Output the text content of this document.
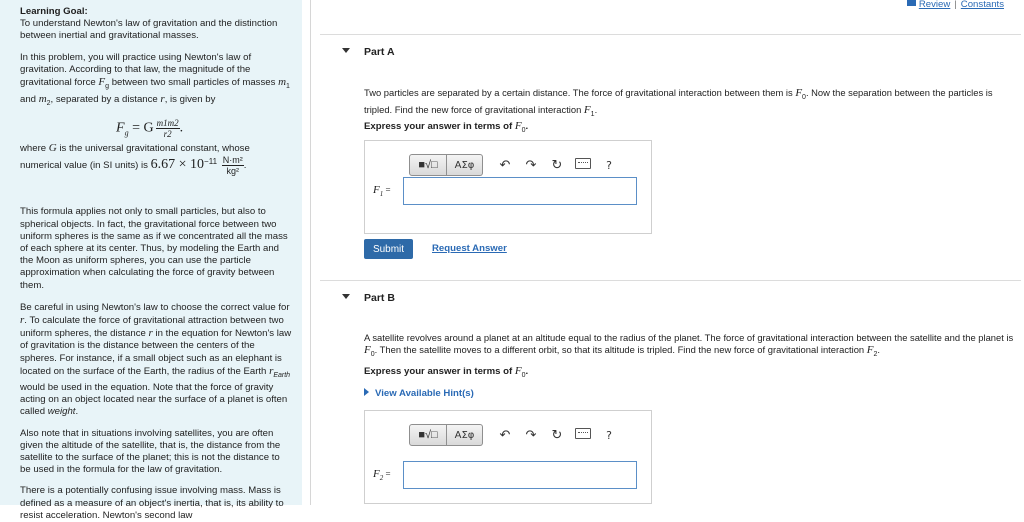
Learning Goal:
To understand Newton's law of gravitation and the distinction between inertial and gravitational masses.

In this problem, you will practice using Newton's law of gravitation. According to that law, the magnitude of the gravitational force $F_g$ between two small particles of masses $m_1$ and $m_2$, separated by a distance r, is given by

$F_g = G \frac{m1m2}{r2}$ .

where G is the universal gravitational constant, whose numerical value (in SI units) is $6.67 \times 10^{-11} \frac{\text{N·m²}}{\text{kg²}}$ .

This formula applies not only to small particles, but also to spherical objects. In fact, the gravitational force between two uniform spheres is the same as if we concentrated all the mass of each sphere at its center. Thus, by modeling the Earth and the Moon as uniform spheres, you can use the particle approximation when calculating the force of gravity between them.

Be careful in using Newton's law to choose the correct value for r. To calculate the force of gravitational attraction between two uniform spheres, the distance r in the equation for Newton's law of gravitation is the distance between the centers of the spheres. For instance, if a small object such as an elephant is located on the surface of the Earth, the radius of the Earth $r_{Earth}$ would be used in the equation. Note that the force of gravity acting on an object located near the surface of a planet is often called weight.

Also note that in situations involving satellites, you are often given the altitude of the satellite, that is, the distance from the satellite to the surface of the planet; this is not the distance to be used in the formula for the law of gravitation.

There is a potentially confusing issue involving mass. Mass is defined as a measure of an object's inertia, that is, its ability to resist acceleration. Newton's second law

Review | Constants
Part A
Two particles are separated by a certain distance. The force of gravitational interaction between them is $F_0$. Now the separation between the particles is tripled. Find the new force of gravitational interaction $F_1$.
Express your answer in terms of $F_0$.
■√□	ΑΣφ	↶	↷	↻	?
$F_1$ =
Submit	Request Answer
Part B
A satellite revolves around a planet at an altitude equal to the radius of the planet. The force of gravitational interaction between the satellite and the planet is $F_0$. Then the satellite moves to a different orbit, so that its altitude is tripled. Find the new force of gravitational interaction $F_2$.
Express your answer in terms of $F_0$.
View Available Hint(s)
■√□	ΑΣφ	↶	↷	↻	?
$F_2$ =
